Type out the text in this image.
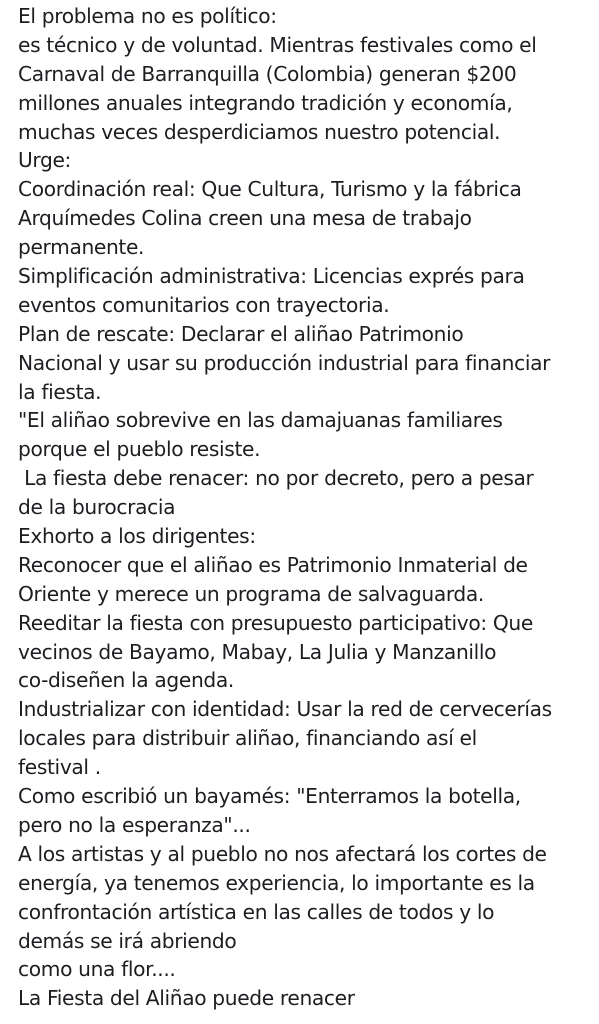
El problema no es político:
es técnico y de voluntad. Mientras festivales como el
Carnaval de Barranquilla (Colombia) generan $200
millones anuales integrando tradición y economía,
muchas veces desperdiciamos nuestro potencial.
Urge:
Coordinación real: Que Cultura, Turismo y la fábrica
Arquímedes Colina creen una mesa de trabajo
permanente.
Simplificación administrativa: Licencias exprés para
eventos comunitarios con trayectoria.
Plan de rescate: Declarar el aliñao Patrimonio
Nacional y usar su producción industrial para financiar
la fiesta.
"El aliñao sobrevive en las damajuanas familiares
porque el pueblo resiste.
La fiesta debe renacer: no por decreto, pero a pesar
de la burocracia
Exhorto a los dirigentes:
Reconocer que el aliñao es Patrimonio Inmaterial de
Oriente y merece un programa de salvaguarda.
Reeditar la fiesta con presupuesto participativo: Que
vecinos de Bayamo, Mabay, La Julia y Manzanillo
co-diseñen la agenda.
Industrializar con identidad: Usar la red de cervecerías
locales para distribuir aliñao, financiando así el
festival .
Como escribió un bayamés: "Enterramos la botella,
pero no la esperanza"...
A los artistas y al pueblo no nos afectará los cortes de
energía, ya tenemos experiencia, lo importante es la
confrontación artística en las calles de todos y lo
demás se irá abriendo
como una flor....
La Fiesta del Aliñao puede renacer
